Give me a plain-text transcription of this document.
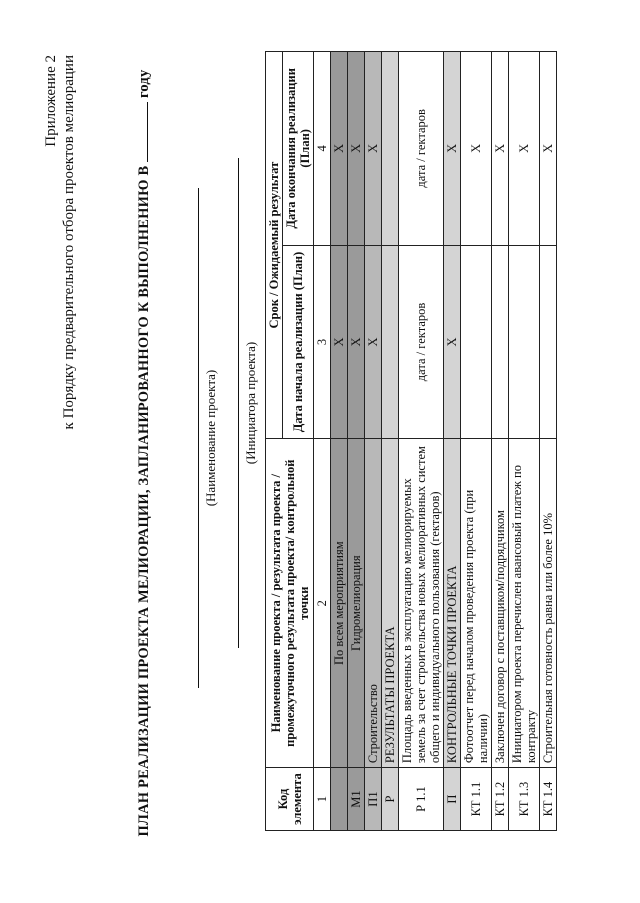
Приложение 2 к Порядку предварительного отбора проектов мелиорации	ПЛАН РЕАЛИЗАЦИИ ПРОЕКТА МЕЛИОРАЦИИ, ЗАПЛАНИРОВАННОГО К ВЫПОЛНЕНИЮ В  году
(Наименование проекта) (Инициатора проекта)
Код элемента	Наименование проекта / результата проекта /промежуточного результата проекта/ контрольной точки	Срок / Ожидаемый результат	
		Дата начала реализации (План)	Дата окончания реализации (План)
1	2	3	4
	По всем мероприятиям	X	X
M1	Гидромелиорация	X	X
П1	Строительство	X	X
Р	РЕЗУЛЬТАТЫ ПРОЕКТА		
Р 1.1	Площадь введенных в эксплуатацию мелиорируемых земель за счет строительства новых мелиоративных систем общего и индивидуального пользования (гектаров)	дата / гектаров	дата / гектаров
П	КОНТРОЛЬНЫЕ ТОЧКИ ПРОЕКТА	X	X
КТ 1.1	Фотоотчет перед началом проведения проекта (при наличии)		X
КТ 1.2	Заключен договор с поставщиком/подрядчиком		X
КТ 1.3	Инициатором проекта перечислен авансовый платеж по контракту		X
КТ 1.4	Строительная готовность равна или более 10%		X
